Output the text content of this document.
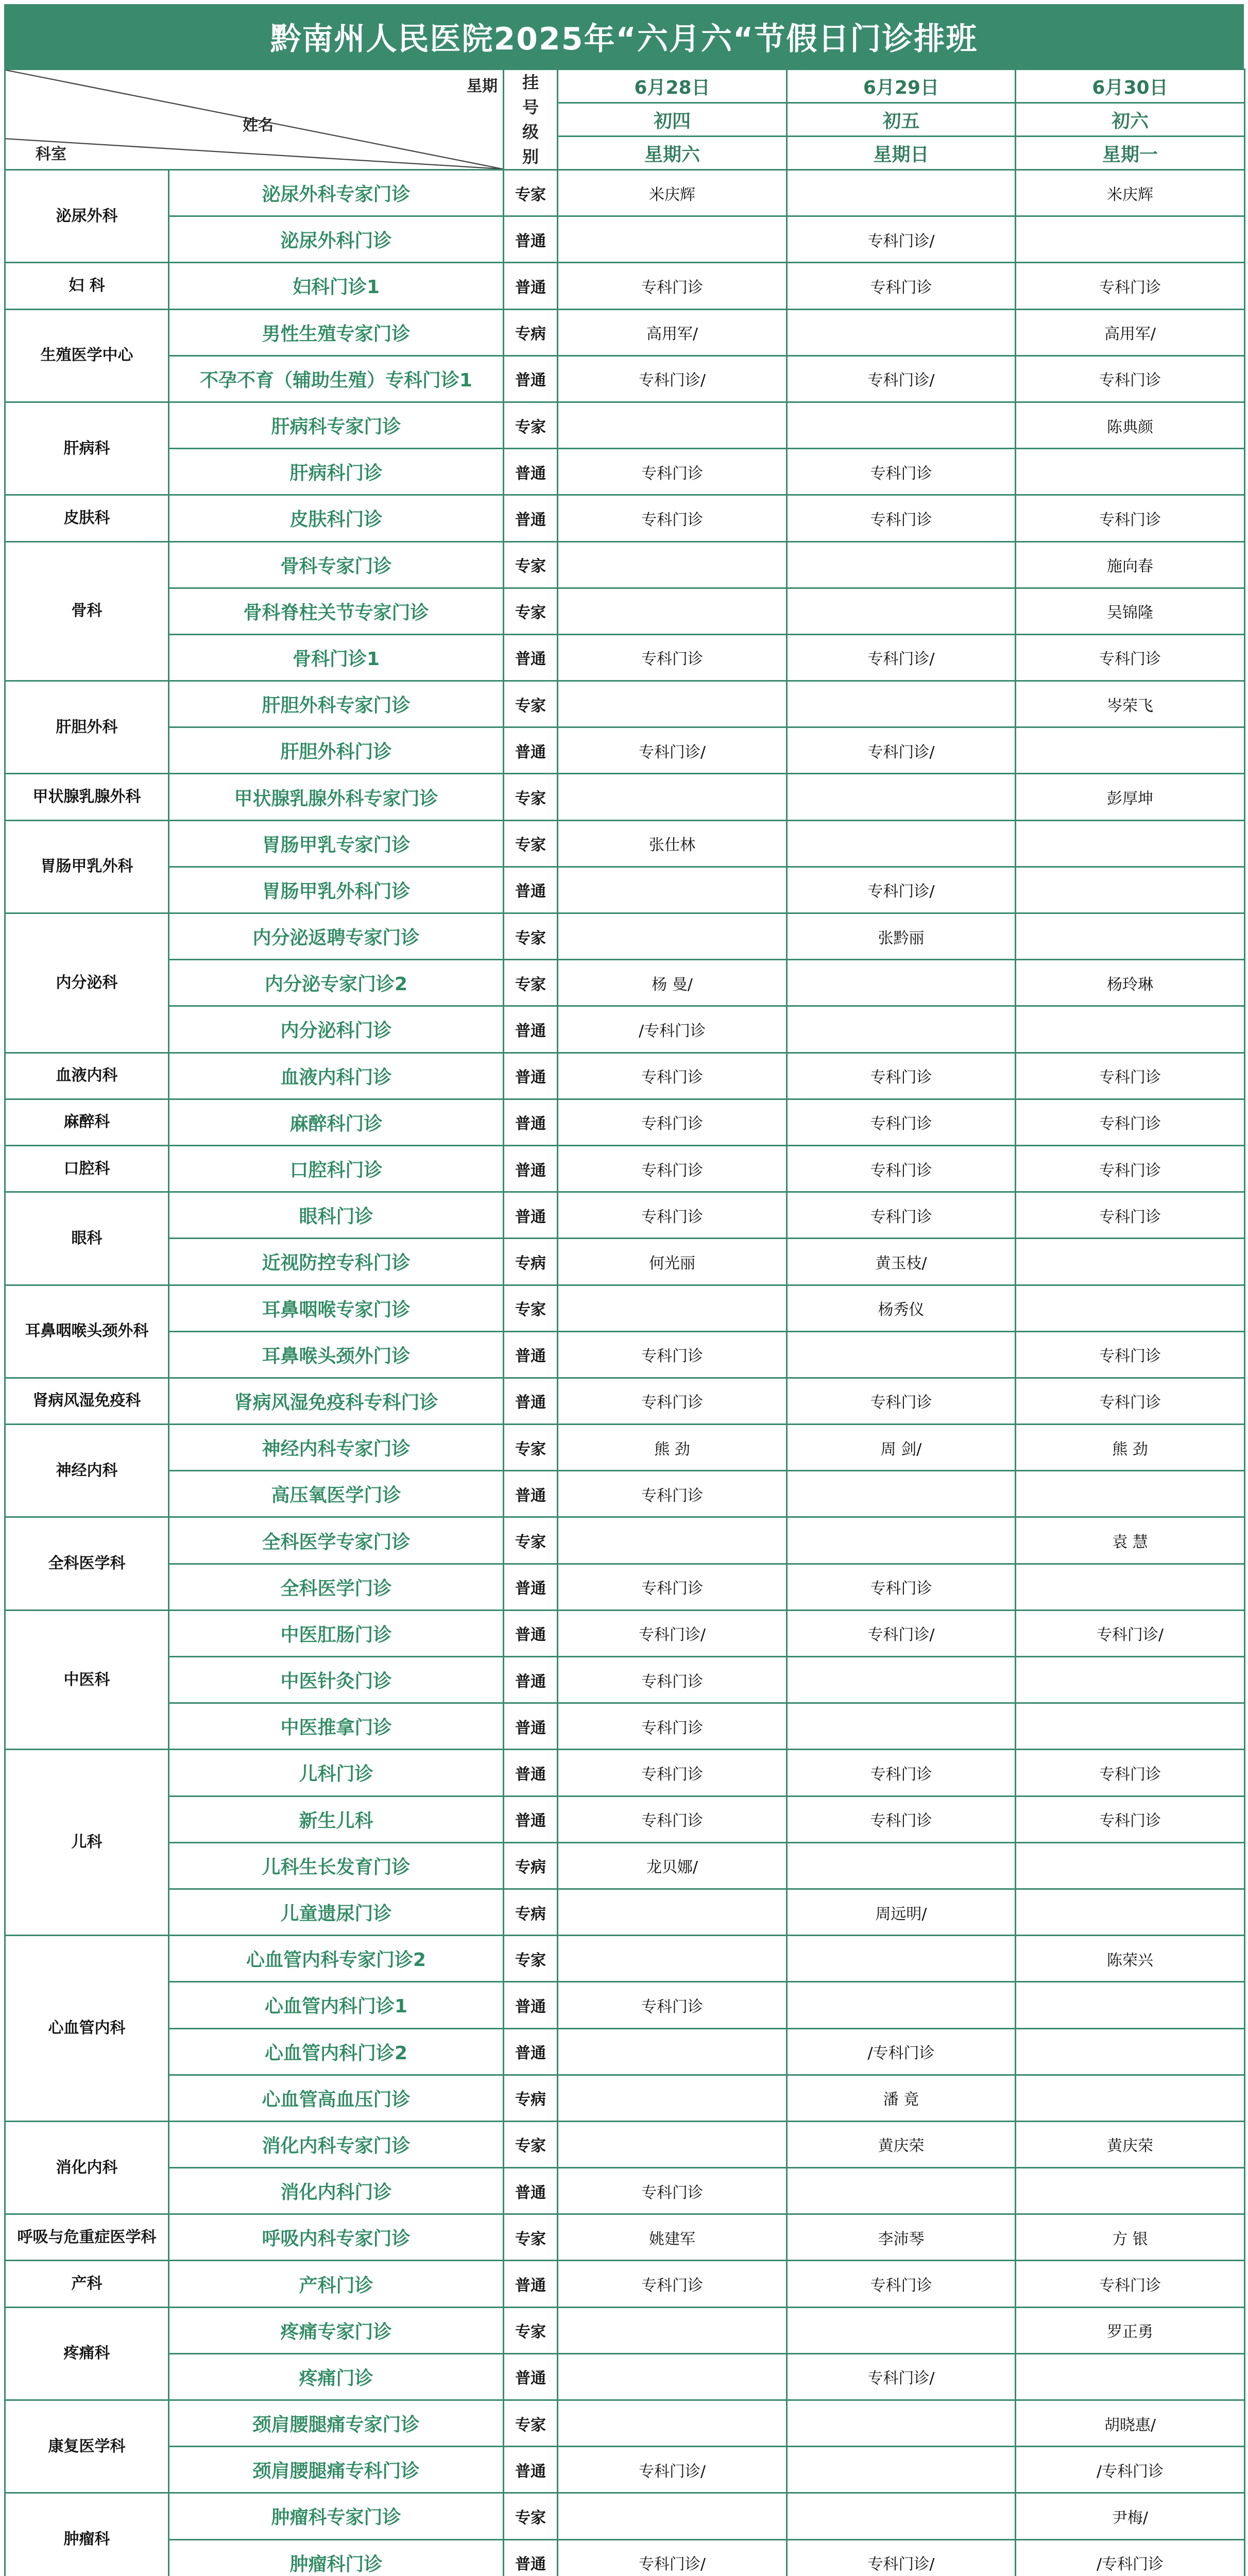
黔南州人民医院2025年“六月六“节假日门诊排班
星期
姓名
科室		挂号级别	6月28日	6月29日	6月30日
			初四	初五	初六
			星期六	星期日	星期一
泌尿外科	泌尿外科专家门诊	专家	米庆辉		米庆辉
	泌尿外科门诊	普通		专科门诊/	
妇 科	妇科门诊1	普通	专科门诊	专科门诊	专科门诊
生殖医学中心	男性生殖专家门诊	专病	高用军/		高用军/
	不孕不育（辅助生殖）专科门诊1	普通	专科门诊/	专科门诊/	专科门诊
肝病科	肝病科专家门诊	专家			陈典颜
	肝病科门诊	普通	专科门诊	专科门诊	
皮肤科	皮肤科门诊	普通	专科门诊	专科门诊	专科门诊
骨科	骨科专家门诊	专家			施向春
	骨科脊柱关节专家门诊	专家			吴锦隆
	骨科门诊1	普通	专科门诊	专科门诊/	专科门诊
肝胆外科	肝胆外科专家门诊	专家			岑荣飞
	肝胆外科门诊	普通	专科门诊/	专科门诊/	
甲状腺乳腺外科	甲状腺乳腺外科专家门诊	专家			彭厚坤
胃肠甲乳外科	胃肠甲乳专家门诊	专家	张仕林		
	胃肠甲乳外科门诊	普通		专科门诊/	
内分泌科	内分泌返聘专家门诊	专家		张黔丽	
	内分泌专家门诊2	专家	杨 曼/		杨玲琳
	内分泌科门诊	普通	/专科门诊		
血液内科	血液内科门诊	普通	专科门诊	专科门诊	专科门诊
麻醉科	麻醉科门诊	普通	专科门诊	专科门诊	专科门诊
口腔科	口腔科门诊	普通	专科门诊	专科门诊	专科门诊
眼科	眼科门诊	普通	专科门诊	专科门诊	专科门诊
	近视防控专科门诊	专病	何光丽	黄玉枝/	
耳鼻咽喉头颈外科	耳鼻咽喉专家门诊	专家		杨秀仪	
	耳鼻喉头颈外门诊	普通	专科门诊		专科门诊
肾病风湿免疫科	肾病风湿免疫科专科门诊	普通	专科门诊	专科门诊	专科门诊
神经内科	神经内科专家门诊	专家	熊 劲	周 剑/	熊 劲
	高压氧医学门诊	普通	专科门诊		
全科医学科	全科医学专家门诊	专家			袁 慧
	全科医学门诊	普通	专科门诊	专科门诊	
中医科	中医肛肠门诊	普通	专科门诊/	专科门诊/	专科门诊/
	中医针灸门诊	普通	专科门诊		
	中医推拿门诊	普通	专科门诊		
儿科	儿科门诊	普通	专科门诊	专科门诊	专科门诊
	新生儿科	普通	专科门诊	专科门诊	专科门诊
	儿科生长发育门诊	专病	龙贝娜/		
	儿童遗尿门诊	专病		周远明/	
心血管内科	心血管内科专家门诊2	专家			陈荣兴
	心血管内科门诊1	普通	专科门诊		
	心血管内科门诊2	普通		/专科门诊	
	心血管高血压门诊	专病		潘 竟	
消化内科	消化内科专家门诊	专家		黄庆荣	黄庆荣
	消化内科门诊	普通	专科门诊		
呼吸与危重症医学科	呼吸内科专家门诊	专家	姚建军	李沛琴	方 银
产科	产科门诊	普通	专科门诊	专科门诊	专科门诊
疼痛科	疼痛专家门诊	专家			罗正勇
	疼痛门诊	普通		专科门诊/	
康复医学科	颈肩腰腿痛专家门诊	专家			胡晓惠/
	颈肩腰腿痛专科门诊	普通	专科门诊/		/专科门诊
肿瘤科	肿瘤科专家门诊	专家			尹梅/
	肿瘤科门诊	普通	专科门诊/	专科门诊/	/专科门诊
